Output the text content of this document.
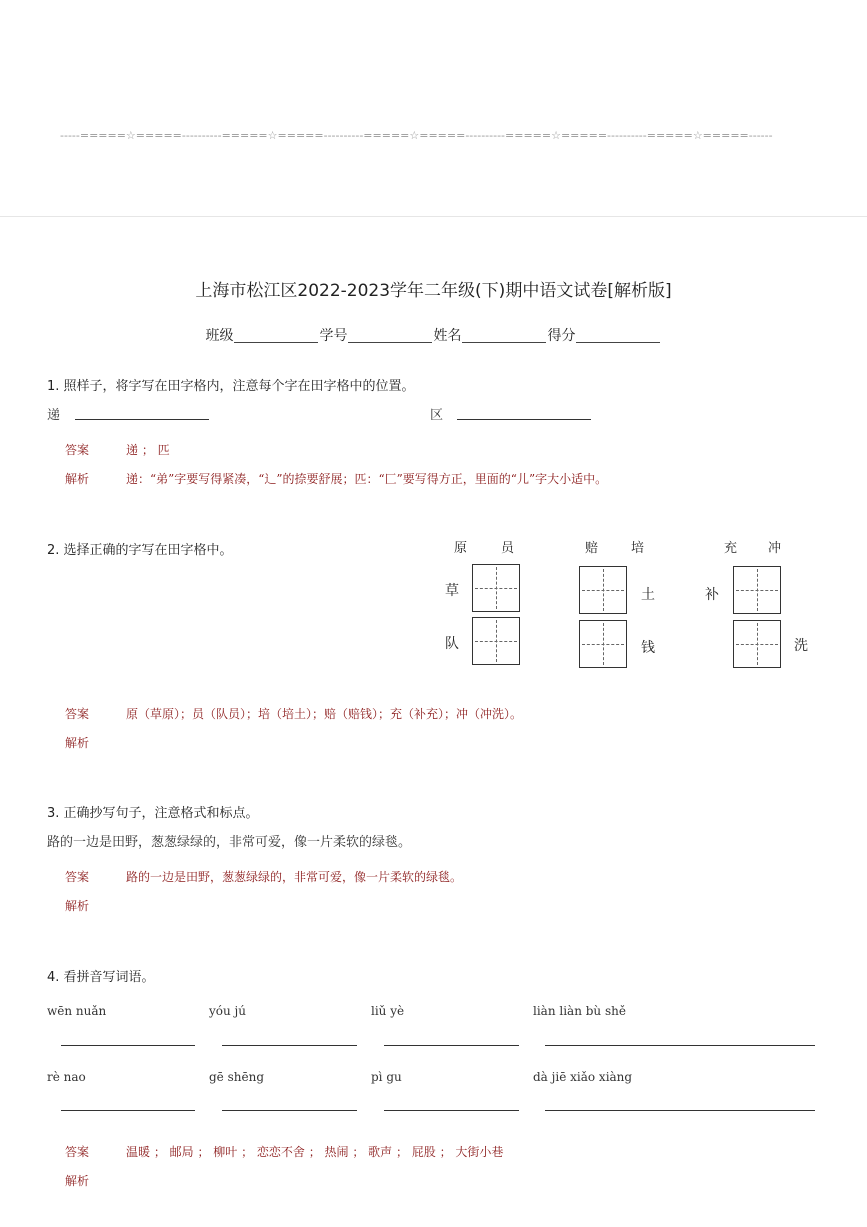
-----=====☆=====----------=====☆=====----------=====☆=====----------=====☆=====----------=====☆=====------
上海市松江区2022-2023学年二年级(下)期中语文试卷[解析版]
班级	学号	姓名	得分
1. 照样子，将字写在田字格内，注意每个字在田字格中的位置。
递	区
答案	递 ； 匹
解析	递：“弟”字要写得紧凑，“辶”的捺要舒展；匹：“匚”要写得方正，里面的“儿”字大小适中。
2. 选择正确的字写在田字格中。	原	员
草
队
赔	培
土
钱
充 冲
补
洗
答案	原（草原）；员（队员）；培（培土）；赔（赔钱）；充（补充）；冲（冲洗）。
解析
3. 正确抄写句子，注意格式和标点。
路的一边是田野，葱葱绿绿的，非常可爱，像一片柔软的绿毯。
答案	路的一边是田野，葱葱绿绿的，非常可爱，像一片柔软的绿毯。
解析
4. 看拼音写词语。
wēn nuǎn	yóu jú	liǔ yè	liàn liàn bù shě
rè nao	gē shēng	pì gu	dà jiē xiǎo xiàng
答案	温暖 ； 邮局 ； 柳叶 ； 恋恋不舍 ； 热闹 ； 歌声 ； 屁股 ； 大街小巷
解析
